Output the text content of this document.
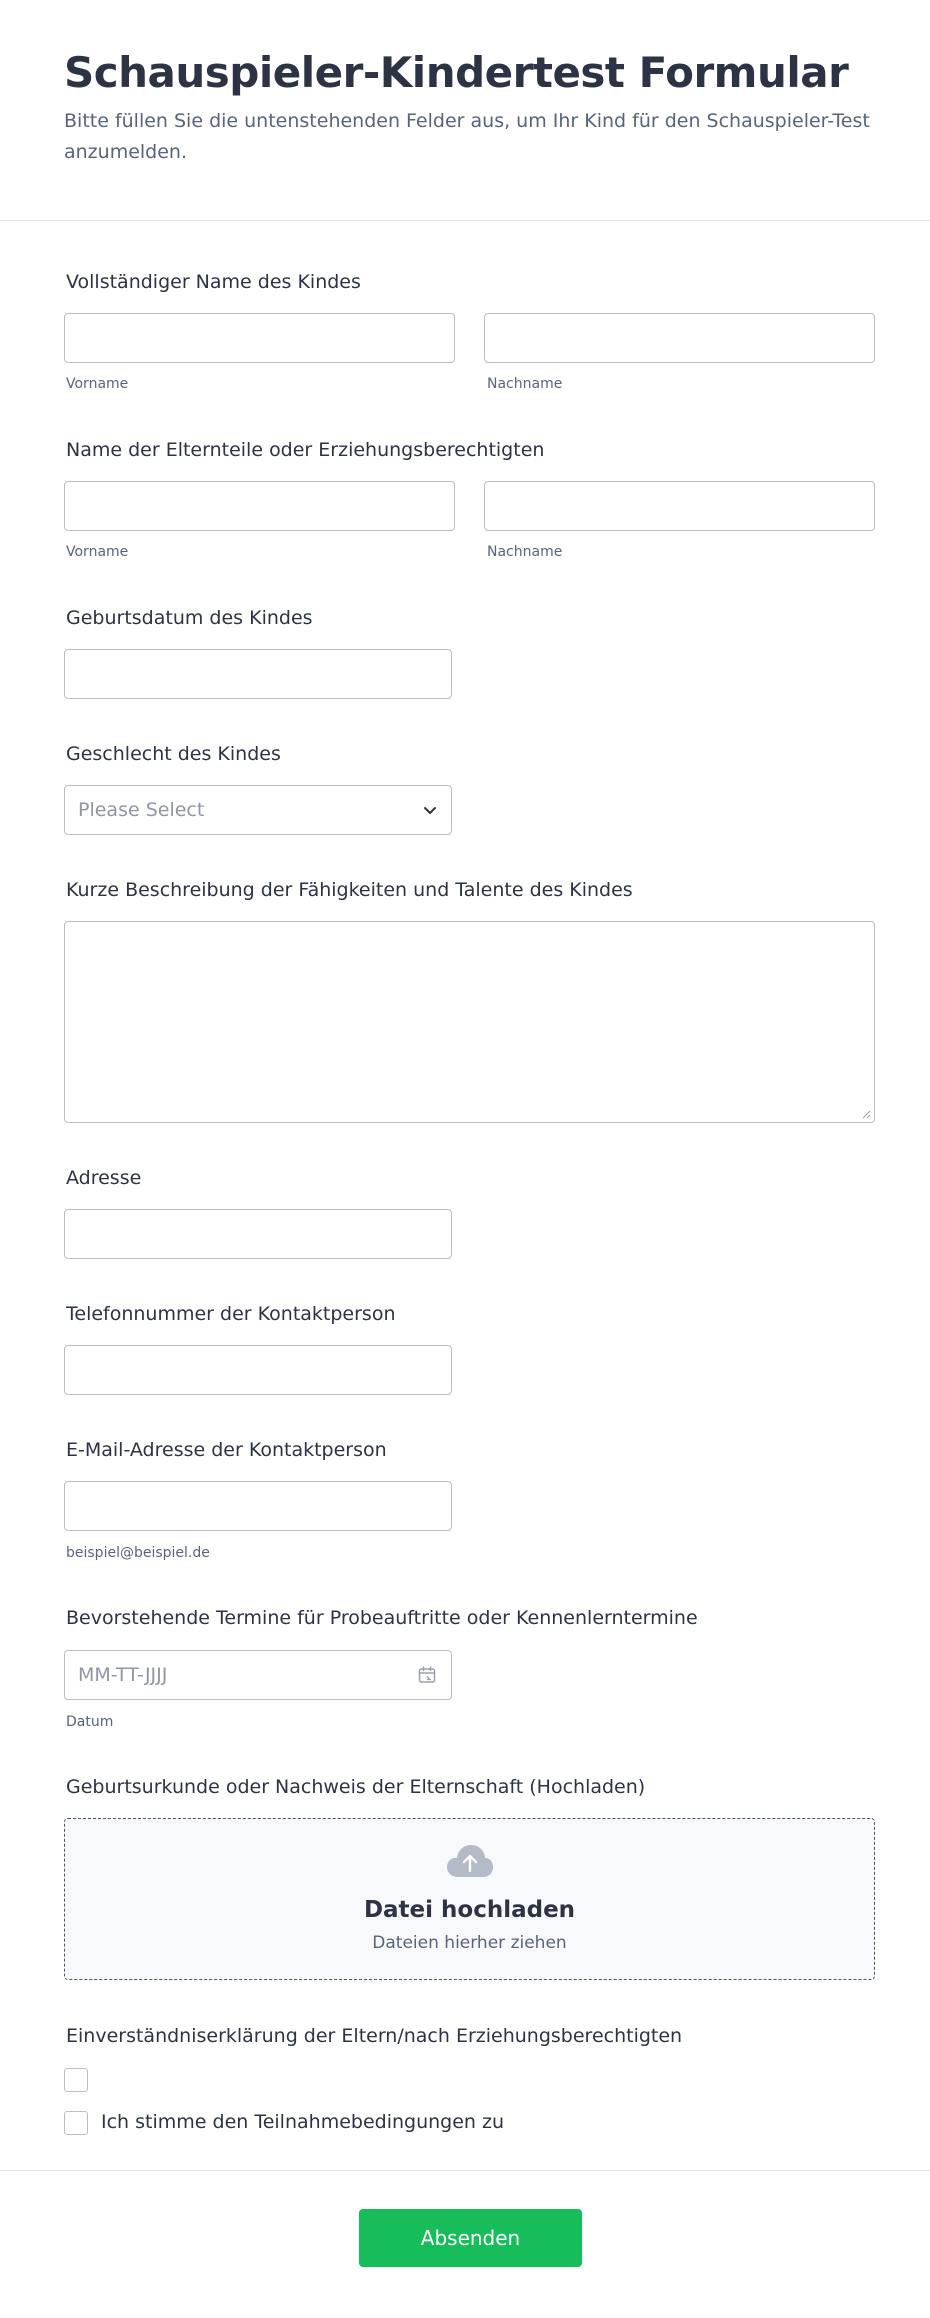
Schauspieler-Kindertest Formular
Bitte füllen Sie die untenstehenden Felder aus, um Ihr Kind für den Schauspieler-Test anzumelden.
Vollständiger Name des Kindes
Vorname	Nachname
Name der Elternteile oder Erziehungsberechtigten
Vorname	Nachname
Geburtsdatum des Kindes
Geschlecht des Kindes
Please Select
Kurze Beschreibung der Fähigkeiten und Talente des Kindes
Adresse
Telefonnummer der Kontaktperson
E-Mail-Adresse der Kontaktperson
beispiel@beispiel.de
Bevorstehende Termine für Probeauftritte oder Kennenlerntermine
MM-TT-JJJJ
Datum
Geburtsurkunde oder Nachweis der Elternschaft (Hochladen)
Datei hochladen
Dateien hierher ziehen
Einverständniserklärung der Eltern/nach Erziehungsberechtigten
Ich stimme den Teilnahmebedingungen zu
Absenden
